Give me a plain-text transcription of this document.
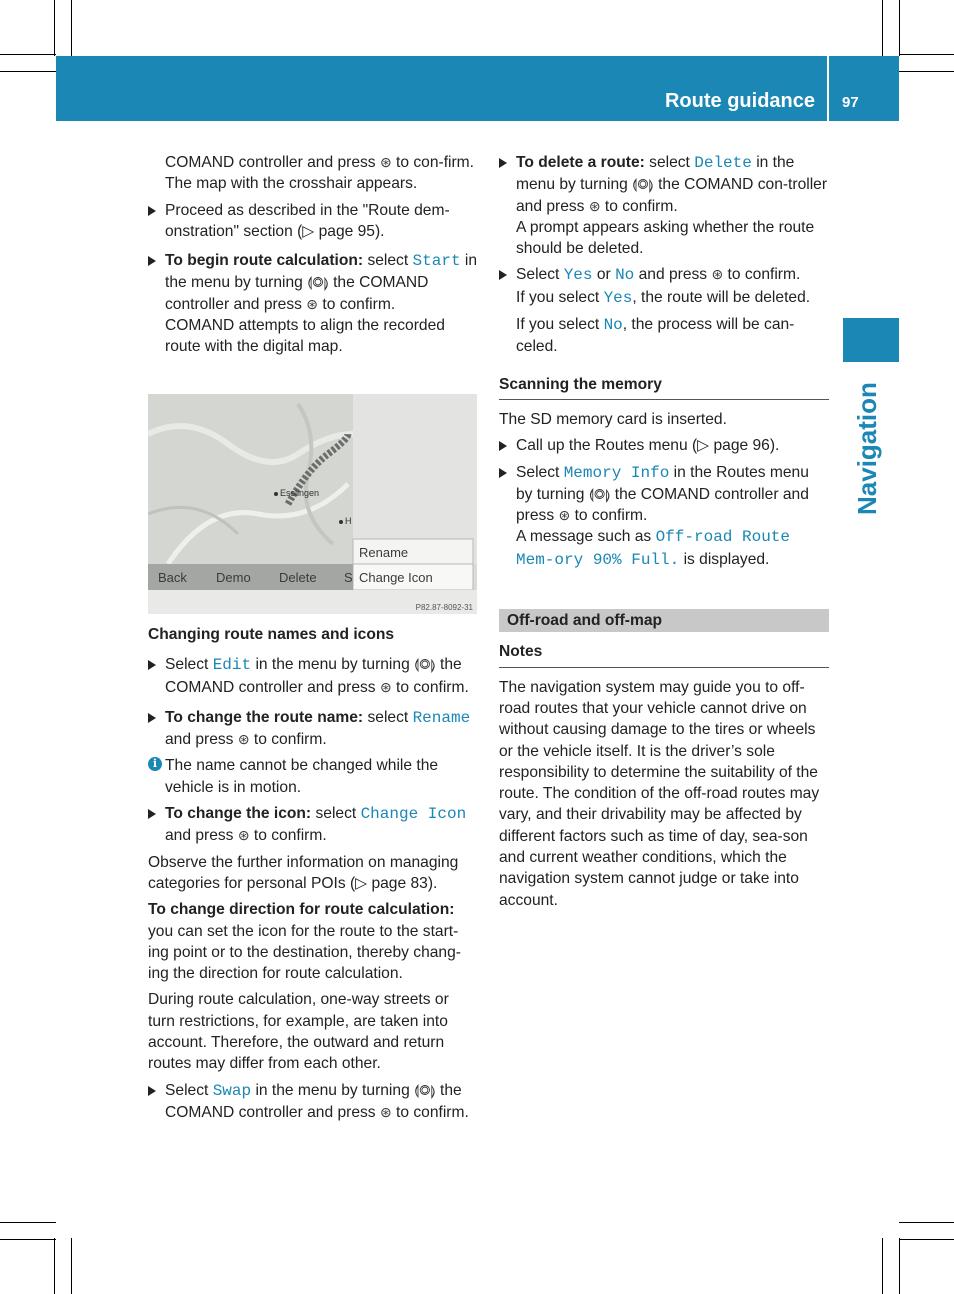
Route guidance 97
Navigation

COMAND controller and press ⊛ to con-firm.
The map with the crosshair appears.

Proceed as described in the "Route dem-onstration" section (▷ page 95).
To begin route calculation: select Start in the menu by turning ⟬◎⟭ the COMAND controller and press ⊛ to confirm.
COMAND attempts to align the recorded route with the digital map.
Esslingen
H
Back Demo Delete S
Rename
Change Icon
P82.87-8092-31

Changing route names and icons

Select Edit in the menu by turning ⟬◎⟭ the COMAND controller and press ⊛ to confirm.
To change the route name: select Rename and press ⊛ to confirm.
i The name cannot be changed while the vehicle is in motion.
To change the icon: select Change Icon and press ⊛ to confirm.

Observe the further information on managing categories for personal POIs (▷ page 83).

To change direction for route calculation: you can set the icon for the route to the start-ing point or to the destination, thereby chang-ing the direction for route calculation.

During route calculation, one-way streets or turn restrictions, for example, are taken into account. Therefore, the outward and return routes may differ from each other.

Select Swap in the menu by turning ⟬◎⟭ the COMAND controller and press ⊛ to confirm.
To delete a route: select Delete in the menu by turning ⟬◎⟭ the COMAND con-troller and press ⊛ to confirm.
A prompt appears asking whether the route should be deleted.
Select Yes or No and press ⊛ to confirm.
If you select Yes, the route will be deleted.

If you select No, the process will be can-celed.

Scanning the memory

The SD memory card is inserted.

Call up the Routes menu (▷ page 96).
Select Memory Info in the Routes menu by turning ⟬◎⟭ the COMAND controller and press ⊛ to confirm.
A message such as Off-road Route Mem-ory 90% Full. is displayed.
Off-road and off-map
Notes

The navigation system may guide you to off-road routes that your vehicle cannot drive on without causing damage to the tires or wheels or the vehicle itself. It is the driver’s sole responsibility to determine the suitability of the route. The condition of the off-road routes may vary, and their drivability may be affected by different factors such as time of day, sea-son and current weather conditions, which the navigation system cannot judge or take into account.
